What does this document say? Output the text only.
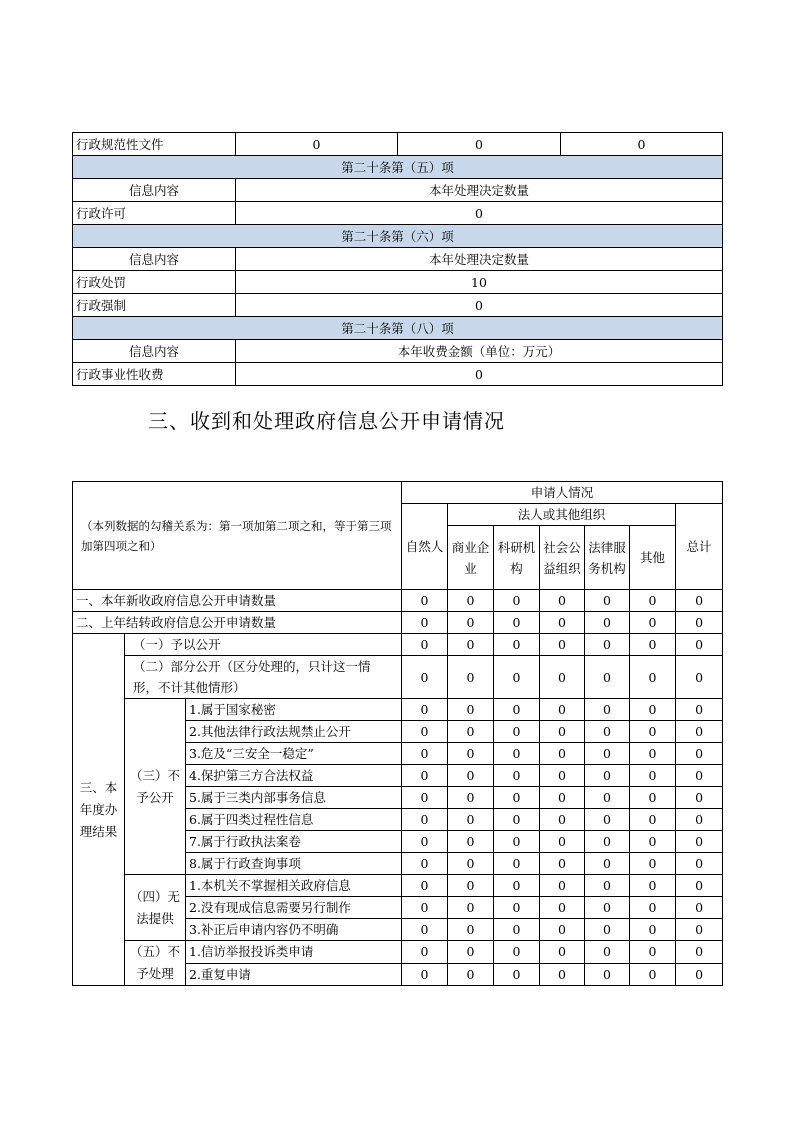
行政规范性文件	0	0	0
第二十条第（五）项			
信息内容	本年处理决定数量		
行政许可	0		
第二十条第（六）项			
信息内容	本年处理决定数量		
行政处罚	10		
行政强制	0		
第二十条第（八）项			
信息内容	本年收费金额（单位：万元）		
行政事业性收费	0		
三、收到和处理政府信息公开申请情况
（本列数据的勾稽关系为：第一项加第二项之和，等于第三项加第四项之和）			申请人情况						
			自然人	法人或其他组织					总计
				商业企业	科研机构	社会公益组织	法律服务机构	其他	
一、本年新收政府信息公开申请数量			0	0	0	0	0	0	0
二、上年结转政府信息公开申请数量			0	0	0	0	0	0	0
三、本年度办理结果	（一）予以公开		0	0	0	0	0	0	0
	（二）部分公开（区分处理的，只计这一情形，不计其他情形）		0	0	0	0	0	0	0
	（三）不予公开	1.属于国家秘密	0	0	0	0	0	0	0
		2.其他法律行政法规禁止公开	0	0	0	0	0	0	0
		3.危及“三安全一稳定”	0	0	0	0	0	0	0
		4.保护第三方合法权益	0	0	0	0	0	0	0
		5.属于三类内部事务信息	0	0	0	0	0	0	0
		6.属于四类过程性信息	0	0	0	0	0	0	0
		7.属于行政执法案卷	0	0	0	0	0	0	0
		8.属于行政查询事项	0	0	0	0	0	0	0
	（四）无法提供	1.本机关不掌握相关政府信息	0	0	0	0	0	0	0
		2.没有现成信息需要另行制作	0	0	0	0	0	0	0
		3.补正后申请内容仍不明确	0	0	0	0	0	0	0
	（五）不予处理	1.信访举报投诉类申请	0	0	0	0	0	0	0
		2.重复申请	0	0	0	0	0	0	0
